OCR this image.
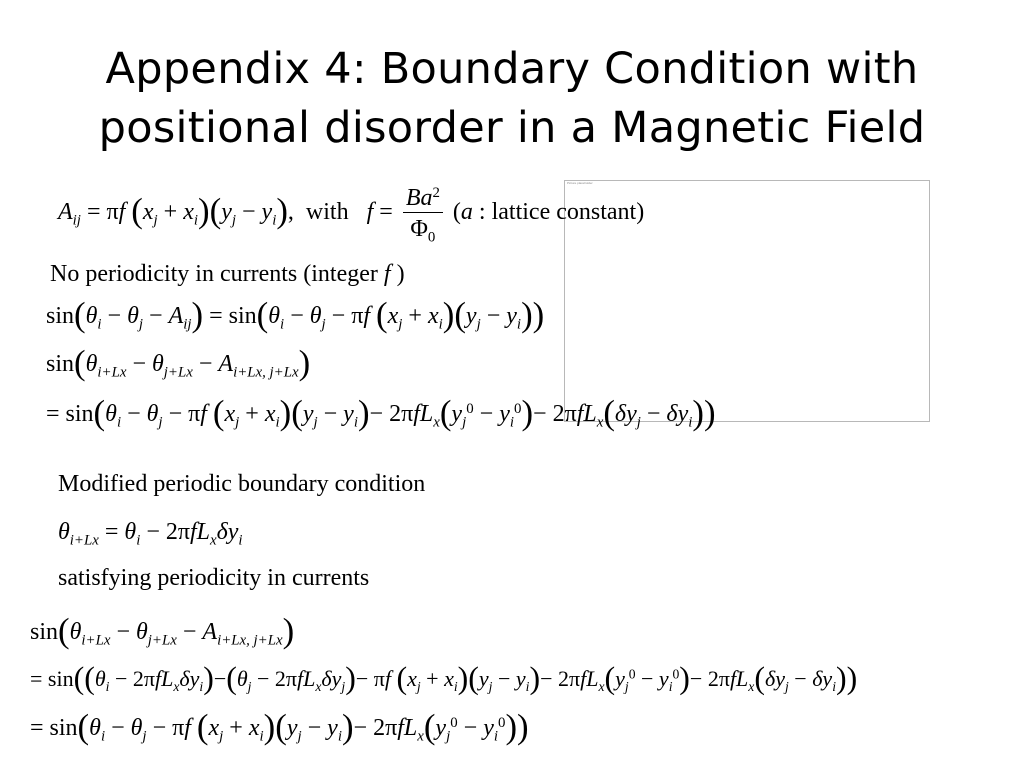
Appendix 4: Boundary Condition with
positional disorder in a Magnetic Field
Picture placeholder
$A_{ij} = \pi f$ $(x_j + x_i)(y_j - y_i)$,  with $f = \frac{Ba^2}{\Phi_0} (a$ : lattice constant)
No periodicity in currents (integer f )
$\sin(\theta_i - \theta_j - A_{ij}) = \sin(\theta_i - \theta_j - \pi f$ $(x_j + x_i)(y_j - y_i)$)
$\sin(\theta_{i+Lx} - \theta_{j+Lx} - A_{i+Lx, j+Lx})$
= $\sin(\theta_i - \theta_j - \pi f$ $(x_j + x_i)(y_j - y_i)- 2\pi fL_x(y_j^0 - y_i^0)- 2\pi fL_x(\delta y_j - \delta y_i)$)
Modified periodic boundary condition
$\theta_{i+Lx} = \theta_i - 2\pi fL_x\delta y_i$
satisfying periodicity in currents
$\sin(\theta_{i+Lx} - \theta_{j+Lx} - A_{i+Lx, j+Lx})$
= $\sin((\theta_i - 2\pi fL_x\delta y_i)-(\theta_j - 2\pi fL_x\delta y_j)- \pi f$ $(x_j + x_i)(y_j - y_i)- 2\pi fL_x(y_j^0 - y_i^0)- 2\pi fL_x(\delta y_j - \delta y_i)$)
= $\sin(\theta_i - \theta_j - \pi f$ $(x_j + x_i)(y_j - y_i)- 2\pi fL_x(y_j^0 - y_i^0)$)
